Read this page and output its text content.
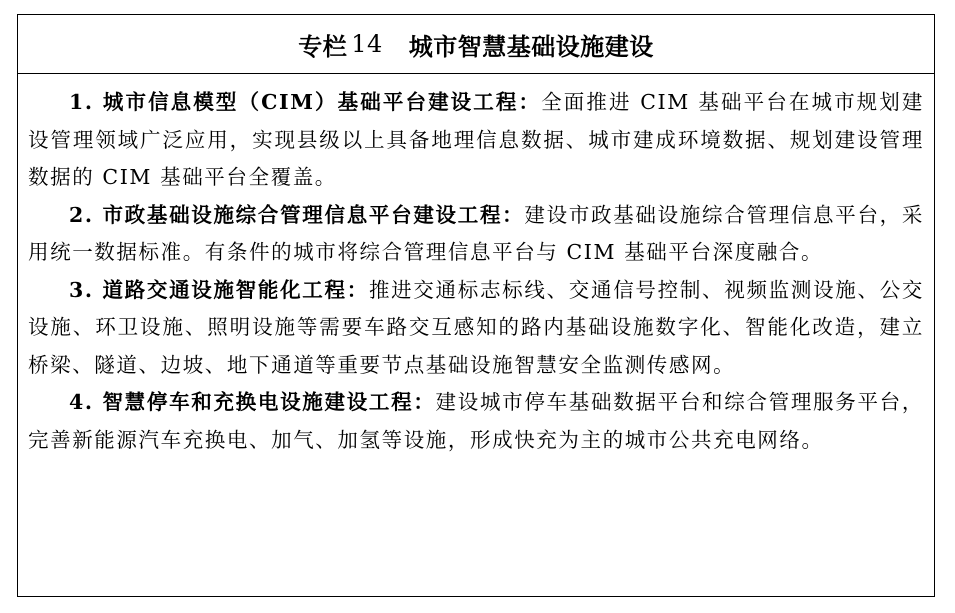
专栏 14 城市智慧基础设施建设

1. 城市信息模型（CIM）基础平台建设工程：全面推进 CIM 基础平台在城市规划建设管理领域广泛应用，实现县级以上具备地理信息数据、城市建成环境数据、规划建设管理数据的 CIM 基础平台全覆盖。

2. 市政基础设施综合管理信息平台建设工程：建设市政基础设施综合管理信息平台，采用统一数据标准。有条件的城市将综合管理信息平台与 CIM 基础平台深度融合。

3. 道路交通设施智能化工程：推进交通标志标线、交通信号控制、视频监测设施、公交设施、环卫设施、照明设施等需要车路交互感知的路内基础设施数字化、智能化改造，建立桥梁、隧道、边坡、地下通道等重要节点基础设施智慧安全监测传感网。

4. 智慧停车和充换电设施建设工程：建设城市停车基础数据平台和综合管理服务平台，完善新能源汽车充换电、加气、加氢等设施，形成快充为主的城市公共充电网络。
